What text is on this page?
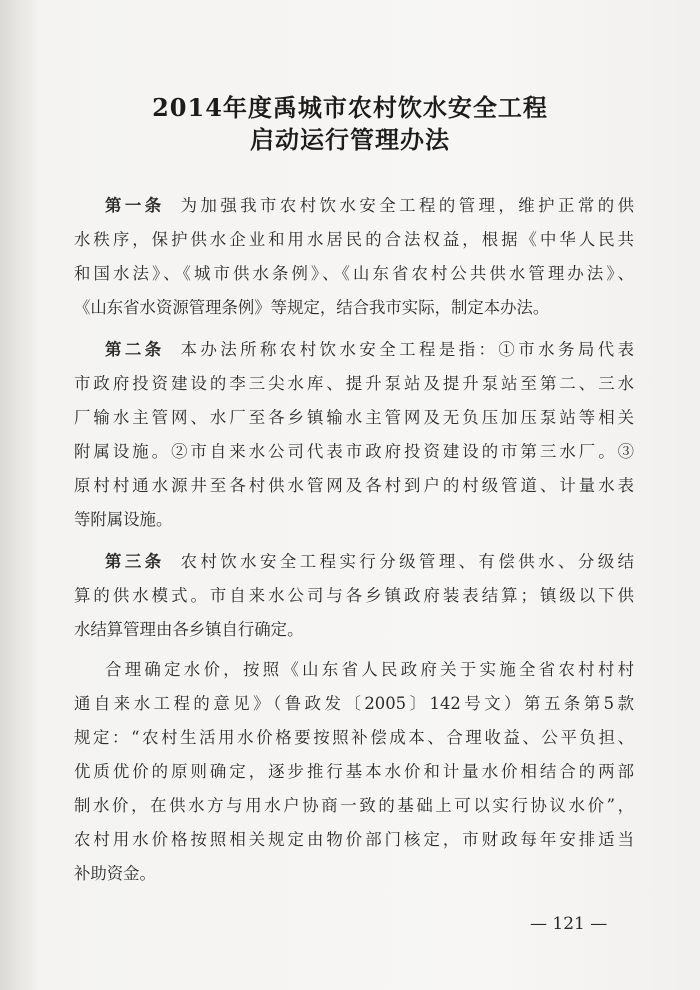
2014年度禹城市农村饮水安全工程
启动运行管理办法
第一条 为加强我市农村饮水安全工程的管理，维护正常的供
水秩序，保护供水企业和用水居民的合法权益，根据《中华人民共
和国水法》、《城市供水条例》、《山东省农村公共供水管理办法》、
《山东省水资源管理条例》等规定，结合我市实际，制定本办法。
第二条 本办法所称农村饮水安全工程是指：①市水务局代表
市政府投资建设的李三尖水库、提升泵站及提升泵站至第二、三水
厂输水主管网、水厂至各乡镇输水主管网及无负压加压泵站等相关
附属设施。②市自来水公司代表市政府投资建设的市第三水厂。③
原村村通水源井至各村供水管网及各村到户的村级管道、计量水表
等附属设施。
第三条 农村饮水安全工程实行分级管理、有偿供水、分级结
算的供水模式。市自来水公司与各乡镇政府装表结算；镇级以下供
水结算管理由各乡镇自行确定。
合理确定水价，按照《山东省人民政府关于实施全省农村村村
通自来水工程的意见》（鲁政发〔2005〕142号文）第五条第5款
规定：“农村生活用水价格要按照补偿成本、合理收益、公平负担、
优质优价的原则确定，逐步推行基本水价和计量水价相结合的两部
制水价，在供水方与用水户协商一致的基础上可以实行协议水价”，
农村用水价格按照相关规定由物价部门核定，市财政每年安排适当
补助资金。
— 121 —
